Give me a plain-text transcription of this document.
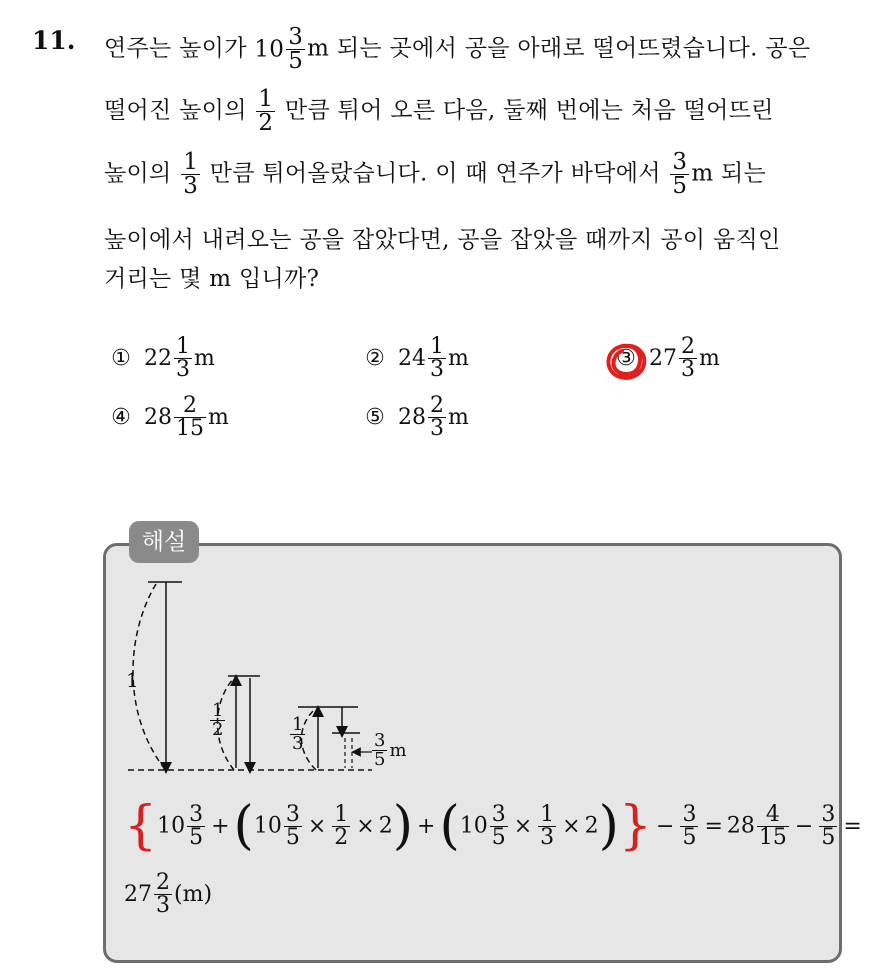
11. 연주는 높이가 $10 \frac{3}{5}$ m 되는 곳에서 공을 아래로 떨어뜨렸습니다. 공은
떨어진 높이의 $\frac{1}{2}$ 만큼 튀어 오른 다음, 둘째 번에는 처음 떨어뜨린
높이의 $\frac{1}{3}$ 만큼 튀어올랐습니다. 이 때 연주가 바닥에서 $\frac{3}{5}$ m 되는
높이에서 내려오는 공을 잡았다면, 공을 잡았을 때까지 공이 움직인
거리는 몇 m 입니까?
① $22 \frac{1}{3}$ m	② $24 \frac{1}{3}$ m	③ $27 \frac{2}{3}$ m
④ $28 \frac{2}{15}$ m	⑤ $28 \frac{2}{3}$ m
해설
1
$\frac{1}{2}$	$\frac{1}{3}$	$\frac{3}{5}$ m
$\{10 \frac{3}{5} +(10 \frac{3}{5} \times \frac{1}{2} \times 2) +(10 \frac{3}{5} \times \frac{1}{3} \times 2)\} - \frac{3}{5} = 28 \frac{4}{15} - \frac{3}{5}$ =
$27 \frac{2}{3} (m)$
